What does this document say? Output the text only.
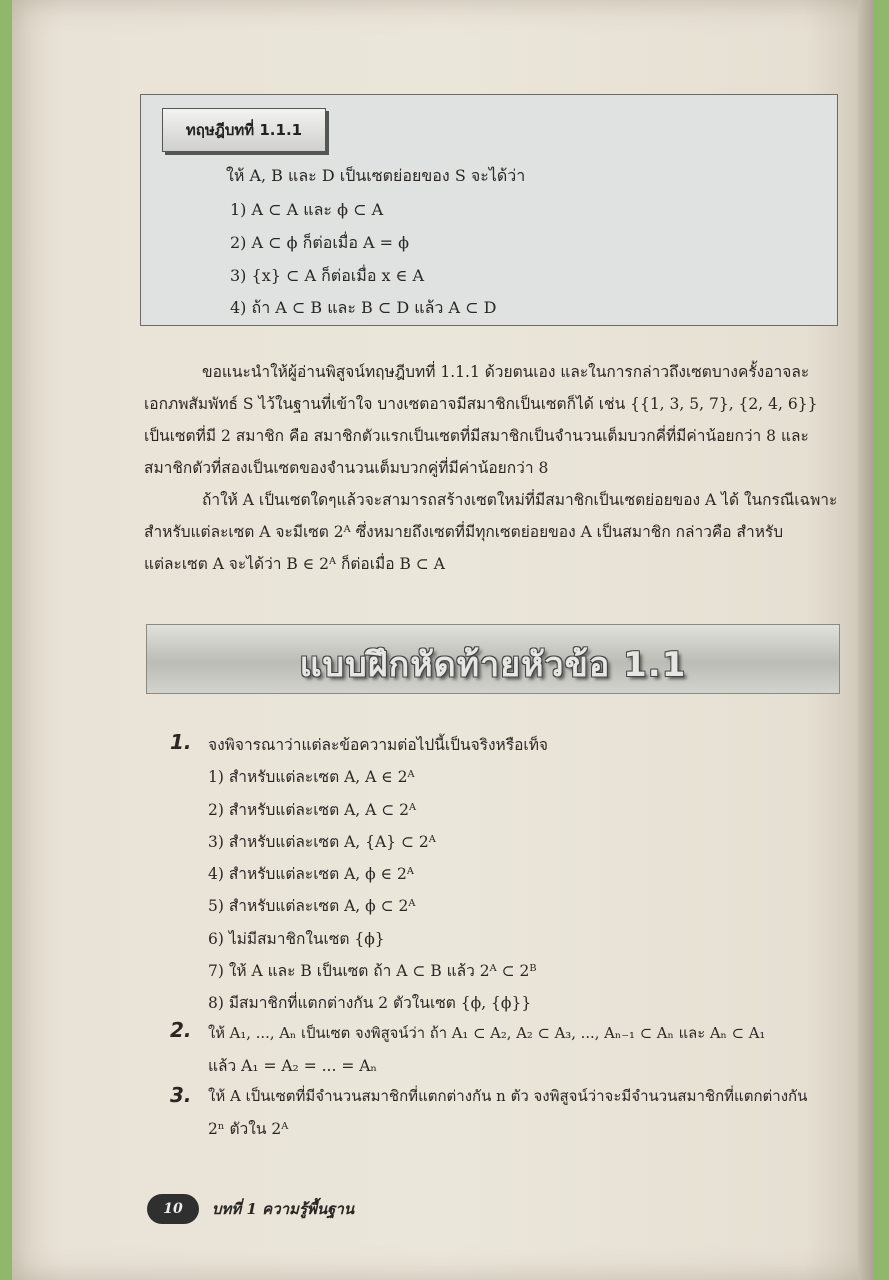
ทฤษฎีบทที่ 1.1.1
ให้ A, B และ D เป็นเซตย่อยของ S จะได้ว่า
1) A ⊂ A และ ϕ ⊂ A
2) A ⊂ ϕ ก็ต่อเมื่อ A = ϕ
3) {x} ⊂ A ก็ต่อเมื่อ x ∈ A
4) ถ้า A ⊂ B และ B ⊂ D แล้ว A ⊂ D
ขอแนะนำให้ผู้อ่านพิสูจน์ทฤษฎีบทที่ 1.1.1 ด้วยตนเอง และในการกล่าวถึงเซตบางครั้งอาจละ
เอกภพสัมพัทธ์ S ไว้ในฐานที่เข้าใจ บางเซตอาจมีสมาชิกเป็นเซตก็ได้ เช่น {{1, 3, 5, 7}, {2, 4, 6}}
เป็นเซตที่มี 2 สมาชิก คือ สมาชิกตัวแรกเป็นเซตที่มีสมาชิกเป็นจำนวนเต็มบวกคี่ที่มีค่าน้อยกว่า 8 และ
สมาชิกตัวที่สองเป็นเซตของจำนวนเต็มบวกคู่ที่มีค่าน้อยกว่า 8
ถ้าให้ A เป็นเซตใดๆแล้วจะสามารถสร้างเซตใหม่ที่มีสมาชิกเป็นเซตย่อยของ A ได้ ในกรณีเฉพาะ
สำหรับแต่ละเซต A จะมีเซต 2ᴬ ซึ่งหมายถึงเซตที่มีทุกเซตย่อยของ A เป็นสมาชิก กล่าวคือ สำหรับ
แต่ละเซต A จะได้ว่า B ∈ 2ᴬ ก็ต่อเมื่อ B ⊂ A
แบบฝึกหัดท้ายหัวข้อ 1.1
1. จงพิจารณาว่าแต่ละข้อความต่อไปนี้เป็นจริงหรือเท็จ
1) สำหรับแต่ละเซต A, A ∈ 2ᴬ
2) สำหรับแต่ละเซต A, A ⊂ 2ᴬ
3) สำหรับแต่ละเซต A, {A} ⊂ 2ᴬ
4) สำหรับแต่ละเซต A, ϕ ∈ 2ᴬ
5) สำหรับแต่ละเซต A, ϕ ⊂ 2ᴬ
6) ไม่มีสมาชิกในเซต {ϕ}
7) ให้ A และ B เป็นเซต ถ้า A ⊂ B แล้ว 2ᴬ ⊂ 2ᴮ
8) มีสมาชิกที่แตกต่างกัน 2 ตัวในเซต {ϕ, {ϕ}}
2. ให้ A₁, ..., Aₙ เป็นเซต จงพิสูจน์ว่า ถ้า A₁ ⊂ A₂, A₂ ⊂ A₃, ..., Aₙ₋₁ ⊂ Aₙ และ Aₙ ⊂ A₁
แล้ว A₁ = A₂ = ... = Aₙ
3. ให้ A เป็นเซตที่มีจำนวนสมาชิกที่แตกต่างกัน n ตัว จงพิสูจน์ว่าจะมีจำนวนสมาชิกที่แตกต่างกัน
2ⁿ ตัวใน 2ᴬ
10	บทที่ 1 ความรู้พื้นฐาน
